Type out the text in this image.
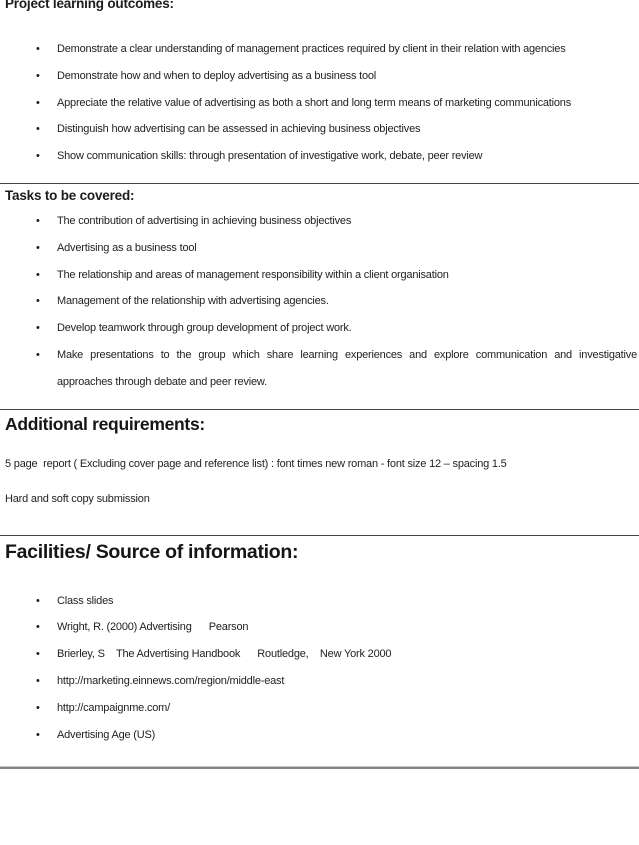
Project learning outcomes:
• Demonstrate a clear understanding of management practices required by client in their relation with agencies
• Demonstrate how and when to deploy advertising as a business tool
• Appreciate the relative value of advertising as both a short and long term means of marketing communications
• Distinguish how advertising can be assessed in achieving business objectives
• Show communication skills: through presentation of investigative work, debate, peer review
Tasks to be covered:
• The contribution of advertising in achieving business objectives
• Advertising as a business tool
• The relationship and areas of management responsibility within a client organisation
• Management of the relationship with advertising agencies.
• Develop teamwork through group development of project work.
• Make presentations to the group which share learning experiences and explore communication and investigative approaches through debate and peer review.
Additional requirements:

5 page  report ( Excluding cover page and reference list) : font times new roman - font size 12 – spacing 1.5

Hard and soft copy submission

Facilities/ Source of information:
• Class slides
• Wright, R. (2000) Advertising      Pearson
• Brierley, S    The Advertising Handbook      Routledge,    New York 2000
• http://marketing.einnews.com/region/middle-east
• http://campaignme.com/
• Advertising Age (US)
